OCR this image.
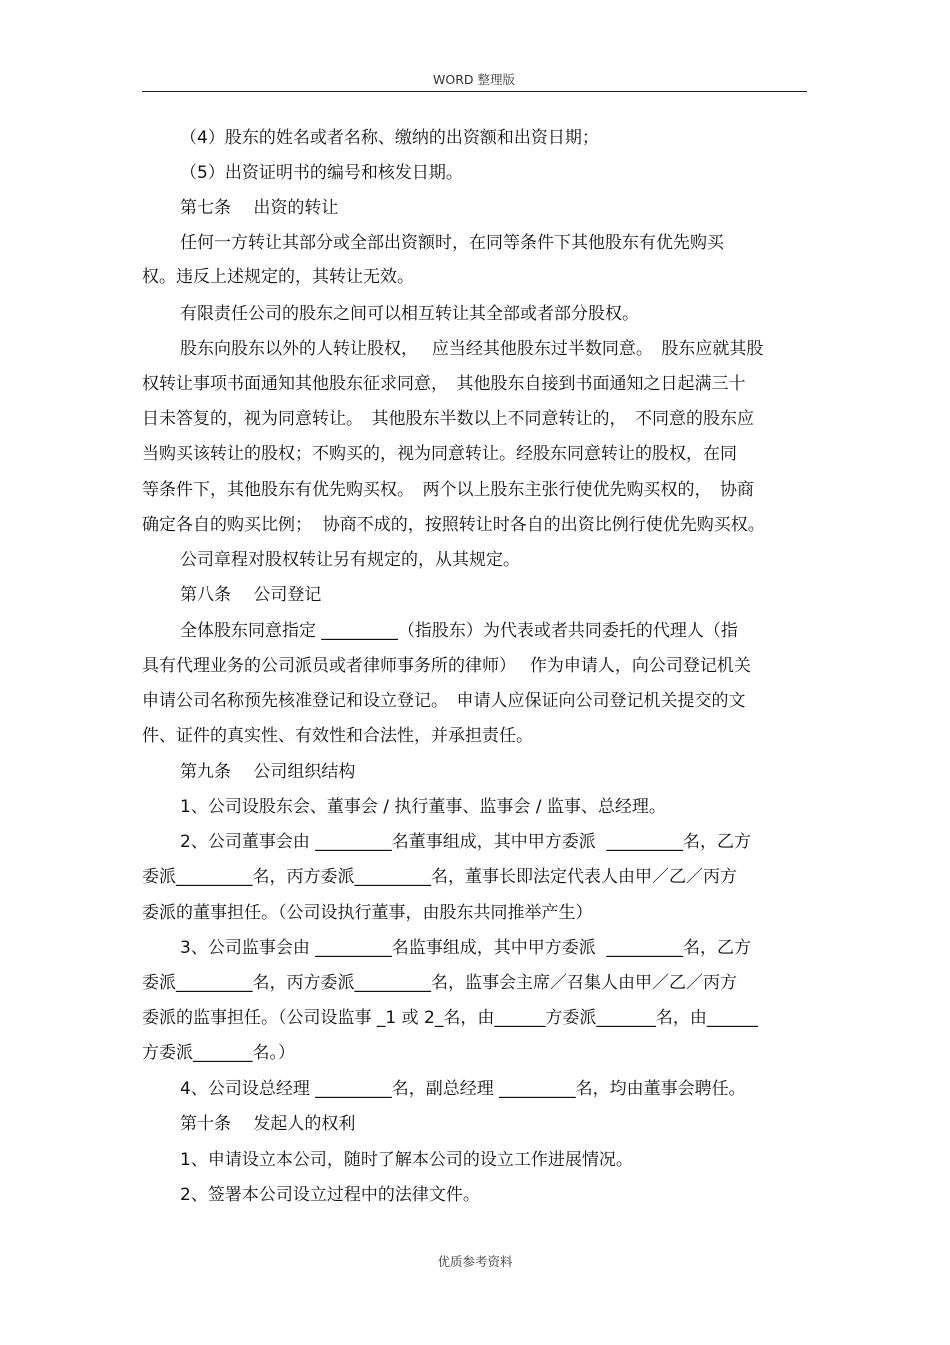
WORD 整理版
（4）股东的姓名或者名称、缴纳的出资额和出资日期；
（5）出资证明书的编号和核发日期。
第七条　 出资的转让
任何一方转让其部分或全部出资额时，在同等条件下其他股东有优先购买
权。违反上述规定的，其转让无效。
有限责任公司的股东之间可以相互转让其全部或者部分股权。
股东向股东以外的人转让股权，　 应当经其他股东过半数同意。　股东应就其股
权转让事项书面通知其他股东征求同意，　其他股东自接到书面通知之日起满三十
日未答复的，视为同意转让。　其他股东半数以上不同意转让的，　不同意的股东应
当购买该转让的股权；不购买的，视为同意转让。经股东同意转让的股权，在同
等条件下，其他股东有优先购买权。　两个以上股东主张行使优先购买权的，　协商
确定各自的购买比例；  协商不成的，按照转让时各自的出资比例行使优先购买权。
公司章程对股权转让另有规定的，从其规定。
第八条　 公司登记
全体股东同意指定 _________（指股东）为代表或者共同委托的代理人（指
具有代理业务的公司派员或者律师事务所的律师）　 作为申请人，向公司登记机关
申请公司名称预先核准登记和设立登记。　申请人应保证向公司登记机关提交的文
件、证件的真实性、有效性和合法性，并承担责任。
第九条　 公司组织结构
1、公司设股东会、董事会 / 执行董事、监事会 / 监事、总经理。
2、公司董事会由 _________名董事组成，其中甲方委派  _________名，乙方
委派_________名，丙方委派_________名，董事长即法定代表人由甲／乙／丙方
委派的董事担任。（公司设执行董事，由股东共同推举产生）
3、公司监事会由 _________名监事组成，其中甲方委派  _________名，乙方
委派_________名，丙方委派_________名，监事会主席／召集人由甲／乙／丙方
委派的监事担任。（公司设监事 _1 或 2_名，由______方委派_______名，由______
方委派_______名。）
4、公司设总经理 _________名，副总经理 _________名，均由董事会聘任。
第十条　 发起人的权利
1、申请设立本公司，随时了解本公司的设立工作进展情况。
2、签署本公司设立过程中的法律文件。
优质参考资料
